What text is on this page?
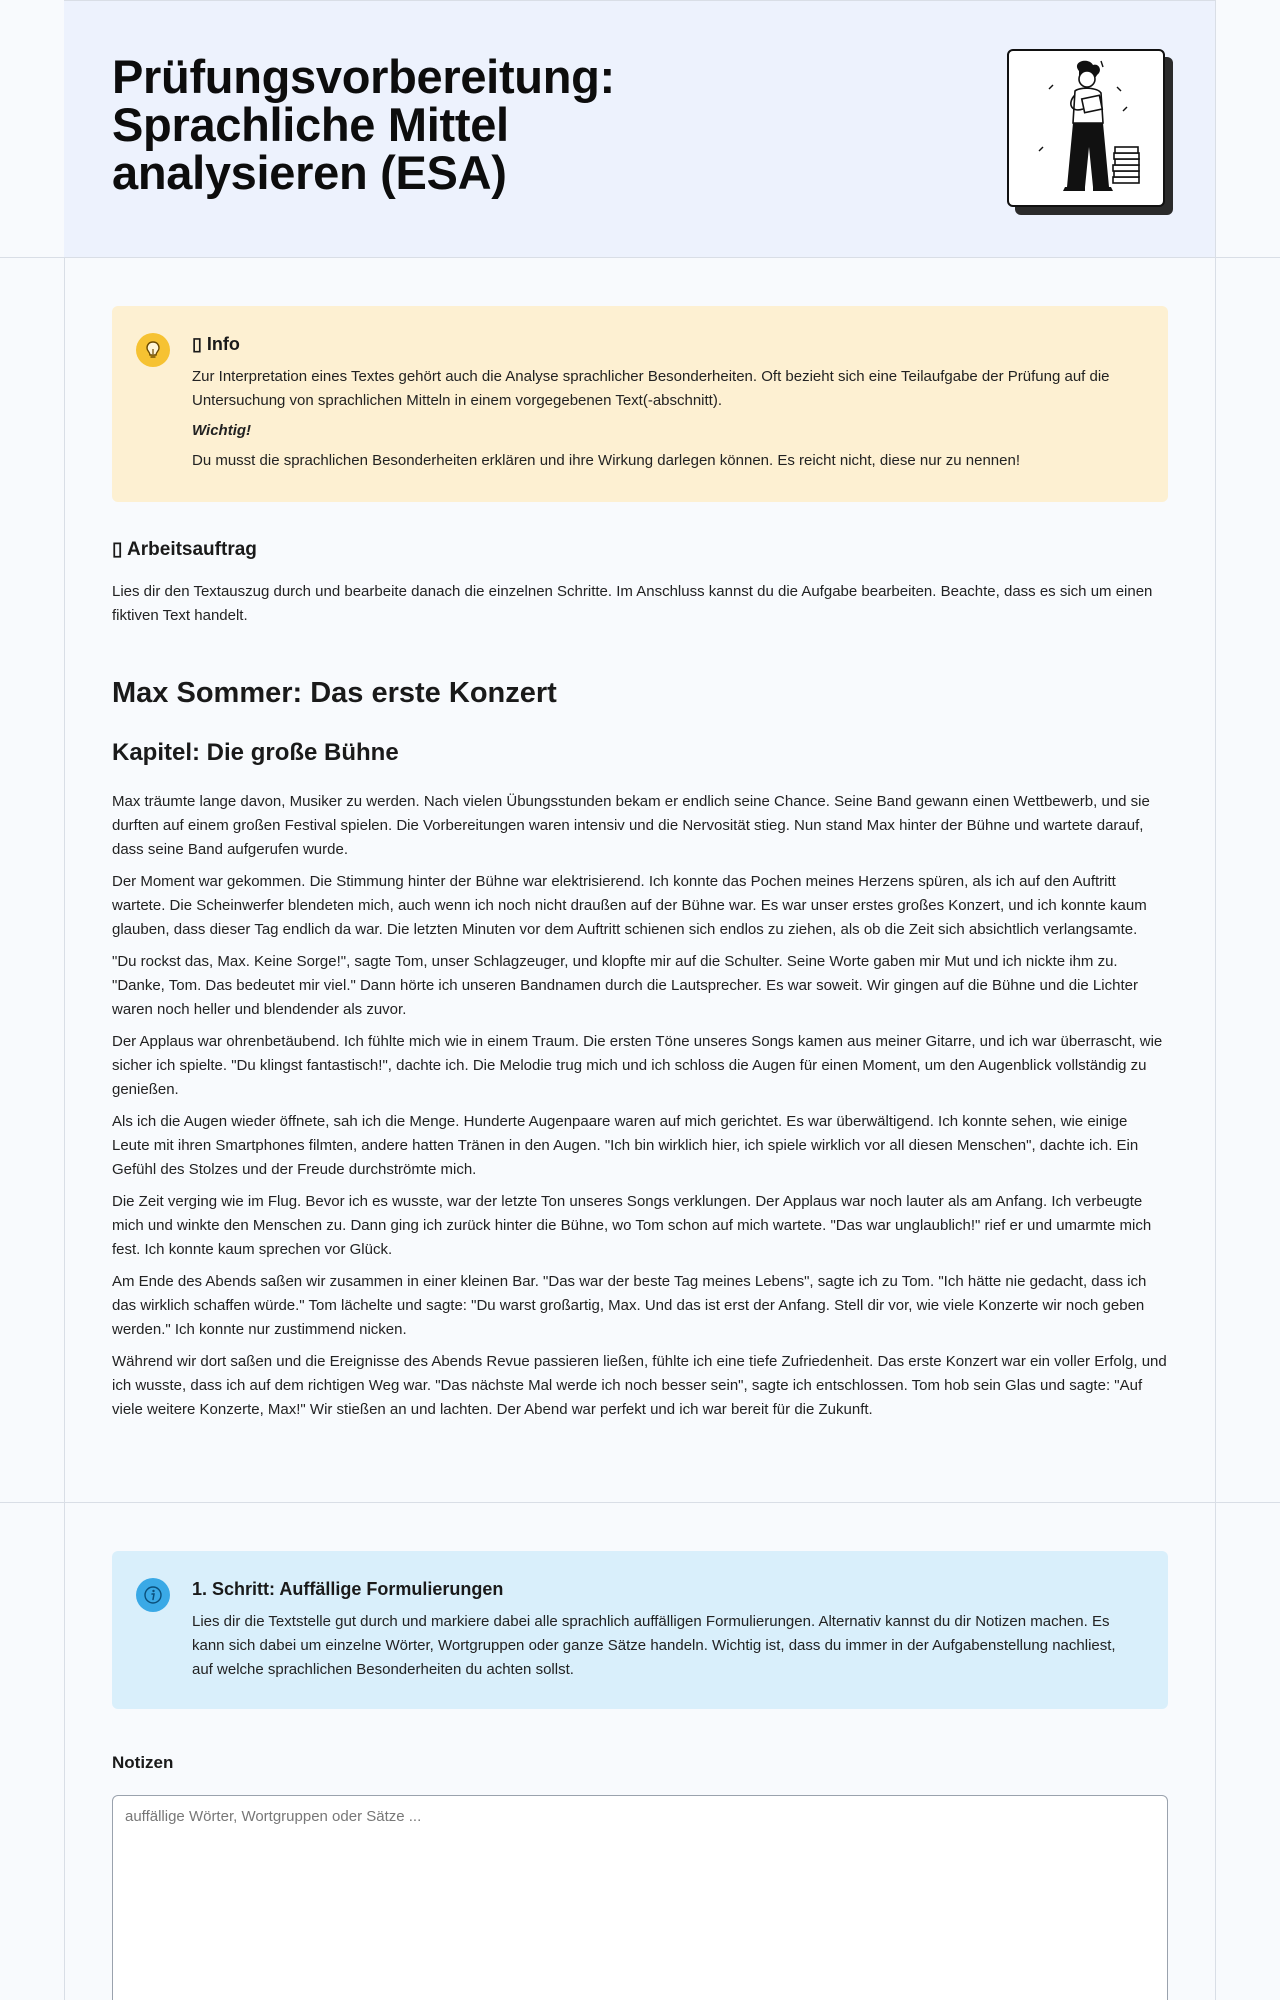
Prüfungsvorbereitung: Sprachliche Mittel analysieren (ESA)
▯ Info

Zur Interpretation eines Textes gehört auch die Analyse sprachlicher Besonderheiten. Oft bezieht sich eine Teilaufgabe der Prüfung auf die Untersuchung von sprachlichen Mitteln in einem vorgegebenen Text(-abschnitt).

Wichtig!

Du musst die sprachlichen Besonderheiten erklären und ihre Wirkung darlegen können. Es reicht nicht, diese nur zu nennen!

▯ Arbeitsauftrag

Lies dir den Textauszug durch und bearbeite danach die einzelnen Schritte. Im Anschluss kannst du die Aufgabe bearbeiten. Beachte, dass es sich um einen fiktiven Text handelt.

Max Sommer: Das erste Konzert
Kapitel: Die große Bühne

Max träumte lange davon, Musiker zu werden. Nach vielen Übungsstunden bekam er endlich seine Chance. Seine Band gewann einen Wettbewerb, und sie durften auf einem großen Festival spielen. Die Vorbereitungen waren intensiv und die Nervosität stieg. Nun stand Max hinter der Bühne und wartete darauf, dass seine Band aufgerufen wurde.

Der Moment war gekommen. Die Stimmung hinter der Bühne war elektrisierend. Ich konnte das Pochen meines Herzens spüren, als ich auf den Auftritt wartete. Die Scheinwerfer blendeten mich, auch wenn ich noch nicht draußen auf der Bühne war. Es war unser erstes großes Konzert, und ich konnte kaum glauben, dass dieser Tag endlich da war. Die letzten Minuten vor dem Auftritt schienen sich endlos zu ziehen, als ob die Zeit sich absichtlich verlangsamte.

"Du rockst das, Max. Keine Sorge!", sagte Tom, unser Schlagzeuger, und klopfte mir auf die Schulter. Seine Worte gaben mir Mut und ich nickte ihm zu. "Danke, Tom. Das bedeutet mir viel." Dann hörte ich unseren Bandnamen durch die Lautsprecher. Es war soweit. Wir gingen auf die Bühne und die Lichter waren noch heller und blendender als zuvor.

Der Applaus war ohrenbetäubend. Ich fühlte mich wie in einem Traum. Die ersten Töne unseres Songs kamen aus meiner Gitarre, und ich war überrascht, wie sicher ich spielte. "Du klingst fantastisch!", dachte ich. Die Melodie trug mich und ich schloss die Augen für einen Moment, um den Augenblick vollständig zu genießen.

Als ich die Augen wieder öffnete, sah ich die Menge. Hunderte Augenpaare waren auf mich gerichtet. Es war überwältigend. Ich konnte sehen, wie einige Leute mit ihren Smartphones filmten, andere hatten Tränen in den Augen. "Ich bin wirklich hier, ich spiele wirklich vor all diesen Menschen", dachte ich. Ein Gefühl des Stolzes und der Freude durchströmte mich.

Die Zeit verging wie im Flug. Bevor ich es wusste, war der letzte Ton unseres Songs verklungen. Der Applaus war noch lauter als am Anfang. Ich verbeugte mich und winkte den Menschen zu. Dann ging ich zurück hinter die Bühne, wo Tom schon auf mich wartete. "Das war unglaublich!" rief er und umarmte mich fest. Ich konnte kaum sprechen vor Glück.

Am Ende des Abends saßen wir zusammen in einer kleinen Bar. "Das war der beste Tag meines Lebens", sagte ich zu Tom. "Ich hätte nie gedacht, dass ich das wirklich schaffen würde." Tom lächelte und sagte: "Du warst großartig, Max. Und das ist erst der Anfang. Stell dir vor, wie viele Konzerte wir noch geben werden." Ich konnte nur zustimmend nicken.

Während wir dort saßen und die Ereignisse des Abends Revue passieren ließen, fühlte ich eine tiefe Zufriedenheit. Das erste Konzert war ein voller Erfolg, und ich wusste, dass ich auf dem richtigen Weg war. "Das nächste Mal werde ich noch besser sein", sagte ich entschlossen. Tom hob sein Glas und sagte: "Auf viele weitere Konzerte, Max!" Wir stießen an und lachten. Der Abend war perfekt und ich war bereit für die Zukunft.

1. Schritt: Auffällige Formulierungen

Lies dir die Textstelle gut durch und markiere dabei alle sprachlich auffälligen Formulierungen. Alternativ kannst du dir Notizen machen. Es kann sich dabei um einzelne Wörter, Wortgruppen oder ganze Sätze handeln. Wichtig ist, dass du immer in der Aufgabenstellung nachliest, auf welche sprachlichen Besonderheiten du achten sollst.

Notizen
auffällige Wörter, Wortgruppen oder Sätze ...
